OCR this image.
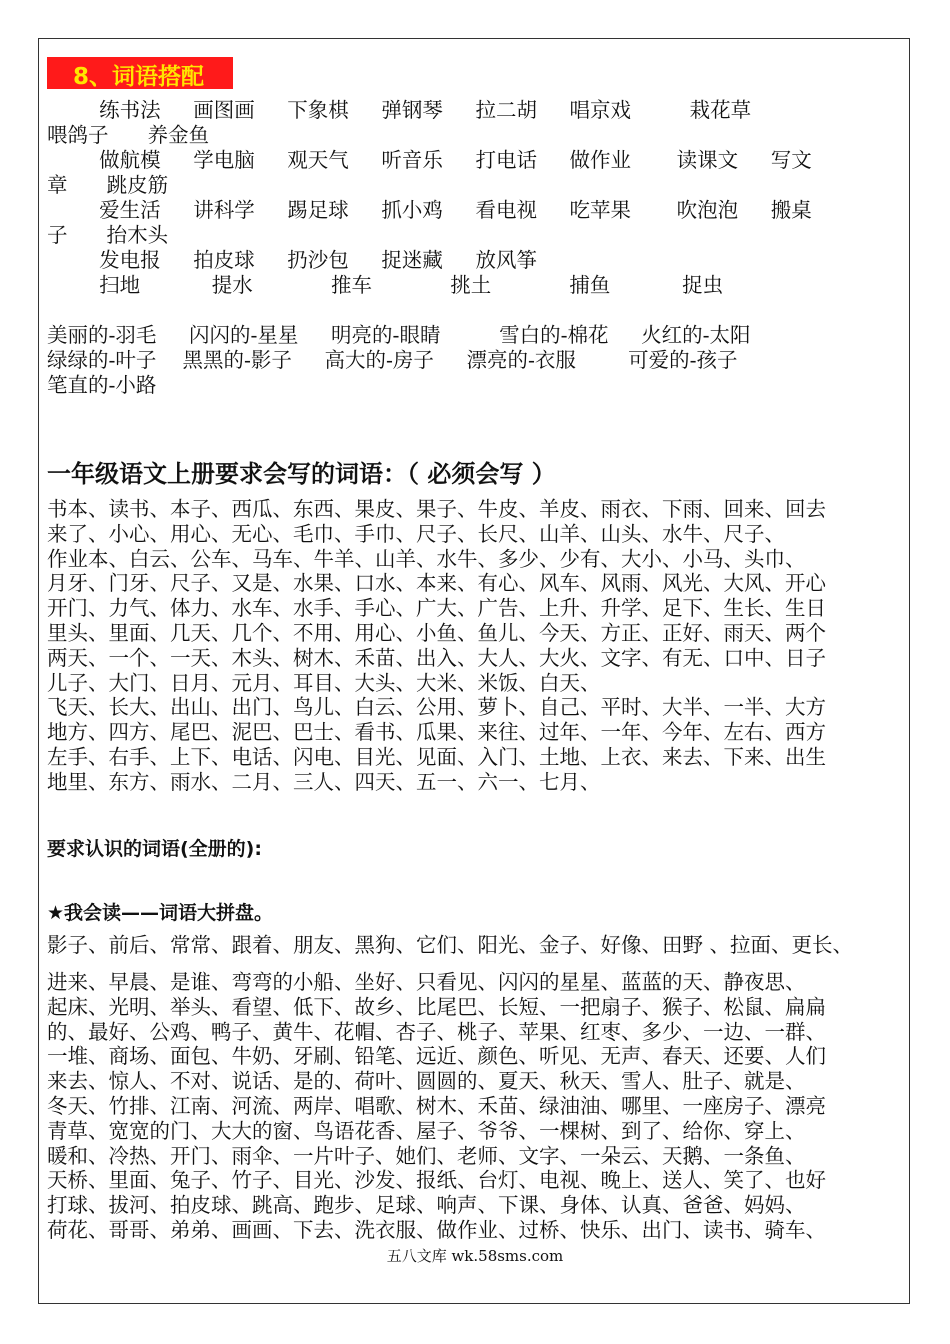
8、词语搭配
练书法     画图画     下象棋     弹钢琴     拉二胡     唱京戏         栽花草
喂鸽子      养金鱼
做航模     学电脑     观天气     听音乐     打电话     做作业       读课文     写文
章      跳皮筋
爱生活     讲科学     踢足球     抓小鸡     看电视     吃苹果       吹泡泡     搬桌
子      抬木头
发电报     拍皮球     扔沙包     捉迷藏     放风筝
扫地           提水            推车            挑土            捕鱼           捉虫
美丽的-羽毛     闪闪的-星星     明亮的-眼睛         雪白的-棉花     火红的-太阳
绿绿的-叶子    黑黑的-影子     高大的-房子     漂亮的-衣服        可爱的-孩子
笔直的-小路
一年级语文上册要求会写的词语：（ 必须会写 ）
书本、读书、本子、西瓜、东西、果皮、果子、牛皮、羊皮、雨衣、下雨、回来、回去
来了、小心、用心、无心、毛巾、手巾、尺子、长尺、山羊、山头、水牛、尺子、
作业本、白云、公车、马车、牛羊、山羊、水牛、多少、少有、大小、小马、头巾、
月牙、门牙、尺子、又是、水果、口水、本来、有心、风车、风雨、风光、大风、开心
开门、力气、体力、水车、水手、手心、广大、广告、上升、升学、足下、生长、生日
里头、里面、几天、几个、不用、用心、小鱼、鱼儿、今天、方正、正好、雨天、两个
两天、一个、一天、木头、树木、禾苗、出入、大人、大火、文字、有无、口中、日子
儿子、大门、日月、元月、耳目、大头、大米、米饭、白天、
飞天、长大、出山、出门、鸟儿、白云、公用、萝卜、自己、平时、大半、一半、大方
地方、四方、尾巴、泥巴、巴士、看书、瓜果、来往、过年、一年、今年、左右、西方
左手、右手、上下、电话、闪电、目光、见面、入门、土地、上衣、来去、下来、出生
地里、东方、雨水、二月、三人、四天、五一、六一、七月、
要求认识的词语(全册的):
★我会读——词语大拼盘。
影子、前后、常常、跟着、朋友、黑狗、它们、阳光、金子、好像、田野 、拉面、更长、
进来、早晨、是谁、弯弯的小船、坐好、只看见、闪闪的星星、蓝蓝的天、静夜思、
起床、光明、举头、看望、低下、故乡、比尾巴、长短、一把扇子、猴子、松鼠、扁扁
的、最好、公鸡、鸭子、黄牛、花帽、杏子、桃子、苹果、红枣、多少、一边、一群、
一堆、商场、面包、牛奶、牙刷、铅笔、远近、颜色、听见、无声、春天、还要、人们
来去、惊人、不对、说话、是的、荷叶、圆圆的、夏天、秋天、雪人、肚子、就是、
冬天、竹排、江南、河流、两岸、唱歌、树木、禾苗、绿油油、哪里、一座房子、漂亮
青草、宽宽的门、大大的窗、鸟语花香、屋子、爷爷、一棵树、到了、给你、穿上、
暖和、冷热、开门、雨伞、一片叶子、她们、老师、文字、一朵云、天鹅、一条鱼、
天桥、里面、兔子、竹子、目光、沙发、报纸、台灯、电视、晚上、送人、笑了、也好
打球、拔河、拍皮球、跳高、跑步、足球、响声、下课、身体、认真、爸爸、妈妈、
荷花、哥哥、弟弟、画画、下去、洗衣服、做作业、过桥、快乐、出门、读书、骑车、
五八文库 wk.58sms.com
